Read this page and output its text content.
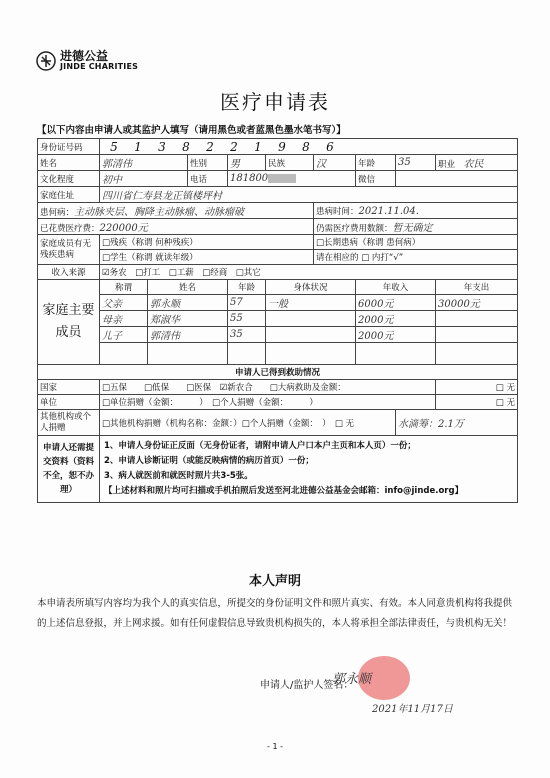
进德公益
JINDE CHARITIES
医疗申请表
【以下内容由申请人或其监护人填写（请用黑色或者蓝黑色墨水笔书写）】
身份证号码	5 1 3 8 2 2 1 9 8 6								
姓名	郭清伟		性别	男	民族	汉	年龄	35	职业　 农民
文化程度	初中		电话	181800			微信		
家庭住址	四川省仁寿县龙正镇楼坪村								
患何病：主动脉夹层、胸降主动脉瘤、动脉瘤破						患病时间：2021.11.04.			
已花费医疗费：220000元						仍需医疗费用数额：暂无确定			
家庭成员有无残疾患病	□残疾（称谓 何种残疾）					□长期患病（称谓 患何病）			
	□学生（称谓 就读年级）					请在相应的 □ 内打“√”			
收入来源	☑务农　 □打工　 □工薪　 □经商　 □其它								
家庭主要成员	称谓	姓名		年龄	身体状况		年收入		年支出
	父亲	郭永顺		57	一般		6000元		30000元
	母亲	郑淑华		55			2000元		
	儿子	郭清伟		35			2000元		

申请人已得到救助情况									
国家	□五保　　□低保　　□医保　☑新农合　　□大病救助及金额：								□ 无
单位	□单位捐赠（金额：　　　）　□个人捐赠（金额：　　　）								□ 无
其他机构或个人捐赠	□其他机构捐赠（机构名称：金额：）□个人捐赠（金额：　）　□ 无							水滴筹：2.1万	
申请人还需提交资料（资料不全，恕不办理）	1、申请人身份证正反面（无身份证者，请附申请人户口本户主页和本人页）一份；
2、申请人诊断证明（或能反映病情的病历首页）一份；
3、病人就医前和就医时照片共3-5张。
【上述材料和照片均可扫描或手机拍照后发送至河北进德公益基金会邮箱：info@jinde.org】								
本人声明
本申请表所填写内容均为我个人的真实信息，所提交的身份证明文件和照片真实、有效。本人同意贵机构将我提供的上述信息登报，并上网求援。如有任何虚假信息导致贵机构损失的，本人将承担全部法律责任，与贵机构无关！
申请人/监护人签名：
郭永顺
2021年11月17日
- 1 -
